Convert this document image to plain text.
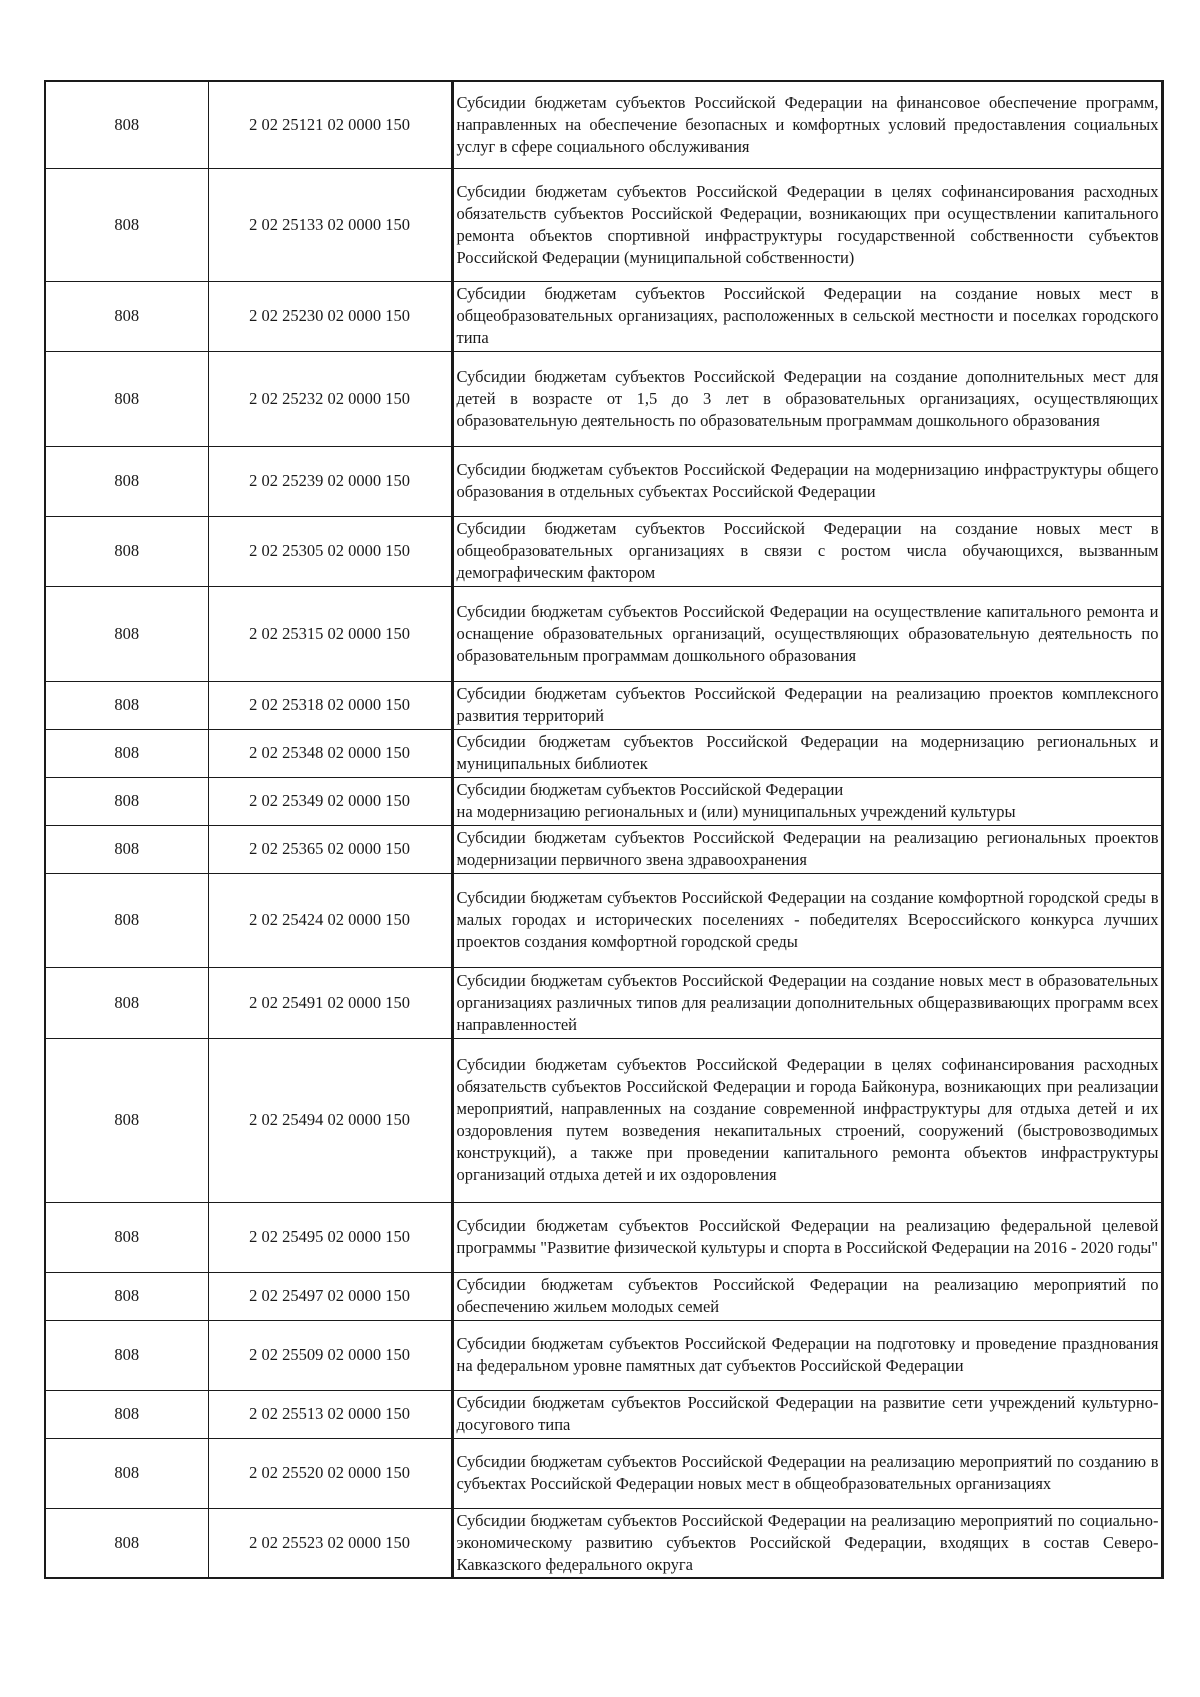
808	2 02 25121 02 0000 150	Субсидии бюджетам субъектов Российской Федерации на финансовое обеспечение программ, направленных на обеспечение безопасных и комфортных условий предоставления социальных услуг в сфере социального обслуживания
808	2 02 25133 02 0000 150	Субсидии бюджетам субъектов Российской Федерации в целях софинансирования расходных обязательств субъектов Российской Федерации, возникающих при осуществлении капитального ремонта объектов спортивной инфраструктуры государственной собственности субъектов Российской Федерации (муниципальной собственности)
808	2 02 25230 02 0000 150	Субсидии бюджетам субъектов Российской Федерации на создание новых мест в общеобразовательных организациях, расположенных в сельской местности и поселках городского типа
808	2 02 25232 02 0000 150	Субсидии бюджетам субъектов Российской Федерации на создание дополнительных мест для детей в возрасте от 1,5 до 3 лет в образовательных организациях, осуществляющих образовательную деятельность по образовательным программам дошкольного образования
808	2 02 25239 02 0000 150	Субсидии бюджетам субъектов Российской Федерации на модернизацию инфраструктуры общего образования в отдельных субъектах Российской Федерации
808	2 02 25305 02 0000 150	Субсидии бюджетам субъектов Российской Федерации на создание новых мест в общеобразовательных организациях в связи с ростом числа обучающихся, вызванным демографическим фактором
808	2 02 25315 02 0000 150	Субсидии бюджетам субъектов Российской Федерации на осуществление капитального ремонта и оснащение образовательных организаций, осуществляющих образовательную деятельность по образовательным программам дошкольного образования
808	2 02 25318 02 0000 150	Субсидии бюджетам субъектов Российской Федерации на реализацию проектов комплексного развития территорий
808	2 02 25348 02 0000 150	Субсидии бюджетам субъектов Российской Федерации на модернизацию региональных и муниципальных библиотек
808	2 02 25349 02 0000 150	Субсидии бюджетам субъектов Российской Федерации
на модернизацию региональных и (или) муниципальных учреждений культуры

808	2 02 25365 02 0000 150	Субсидии бюджетам субъектов Российской Федерации на реализацию региональных проектов модернизации первичного звена здравоохранения
808	2 02 25424 02 0000 150	Субсидии бюджетам субъектов Российской Федерации на создание комфортной городской среды в малых городах и исторических поселениях - победителях Всероссийского конкурса лучших проектов создания комфортной городской среды
808	2 02 25491 02 0000 150	Субсидии бюджетам субъектов Российской Федерации на создание новых мест в образовательных организациях различных типов для реализации дополнительных общеразвивающих программ всех направленностей
808	2 02 25494 02 0000 150	Субсидии бюджетам субъектов Российской Федерации в целях софинансирования расходных обязательств субъектов Российской Федерации и города Байконура, возникающих при реализации мероприятий, направленных на создание современной инфраструктуры для отдыха детей и их оздоровления путем возведения некапитальных строений, сооружений (быстровозводимых конструкций), а также при проведении капитального ремонта объектов инфраструктуры организаций отдыха детей и их оздоровления
808	2 02 25495 02 0000 150	Субсидии бюджетам субъектов Российской Федерации на реализацию федеральной целевой программы "Развитие физической культуры и спорта в Российской Федерации на 2016 - 2020 годы"
808	2 02 25497 02 0000 150	Субсидии бюджетам субъектов Российской Федерации на реализацию мероприятий по обеспечению жильем молодых семей
808	2 02 25509 02 0000 150	Субсидии бюджетам субъектов Российской Федерации на подготовку и проведение празднования на федеральном уровне памятных дат субъектов Российской Федерации
808	2 02 25513 02 0000 150	Субсидии бюджетам субъектов Российской Федерации на развитие сети учреждений культурно-досугового типа
808	2 02 25520 02 0000 150	Субсидии бюджетам субъектов Российской Федерации на реализацию мероприятий по созданию в субъектах Российской Федерации новых мест в общеобразовательных организациях
808	2 02 25523 02 0000 150	Субсидии бюджетам субъектов Российской Федерации на реализацию мероприятий по социально-экономическому развитию субъектов Российской Федерации, входящих в состав Северо-Кавказского федерального округа
